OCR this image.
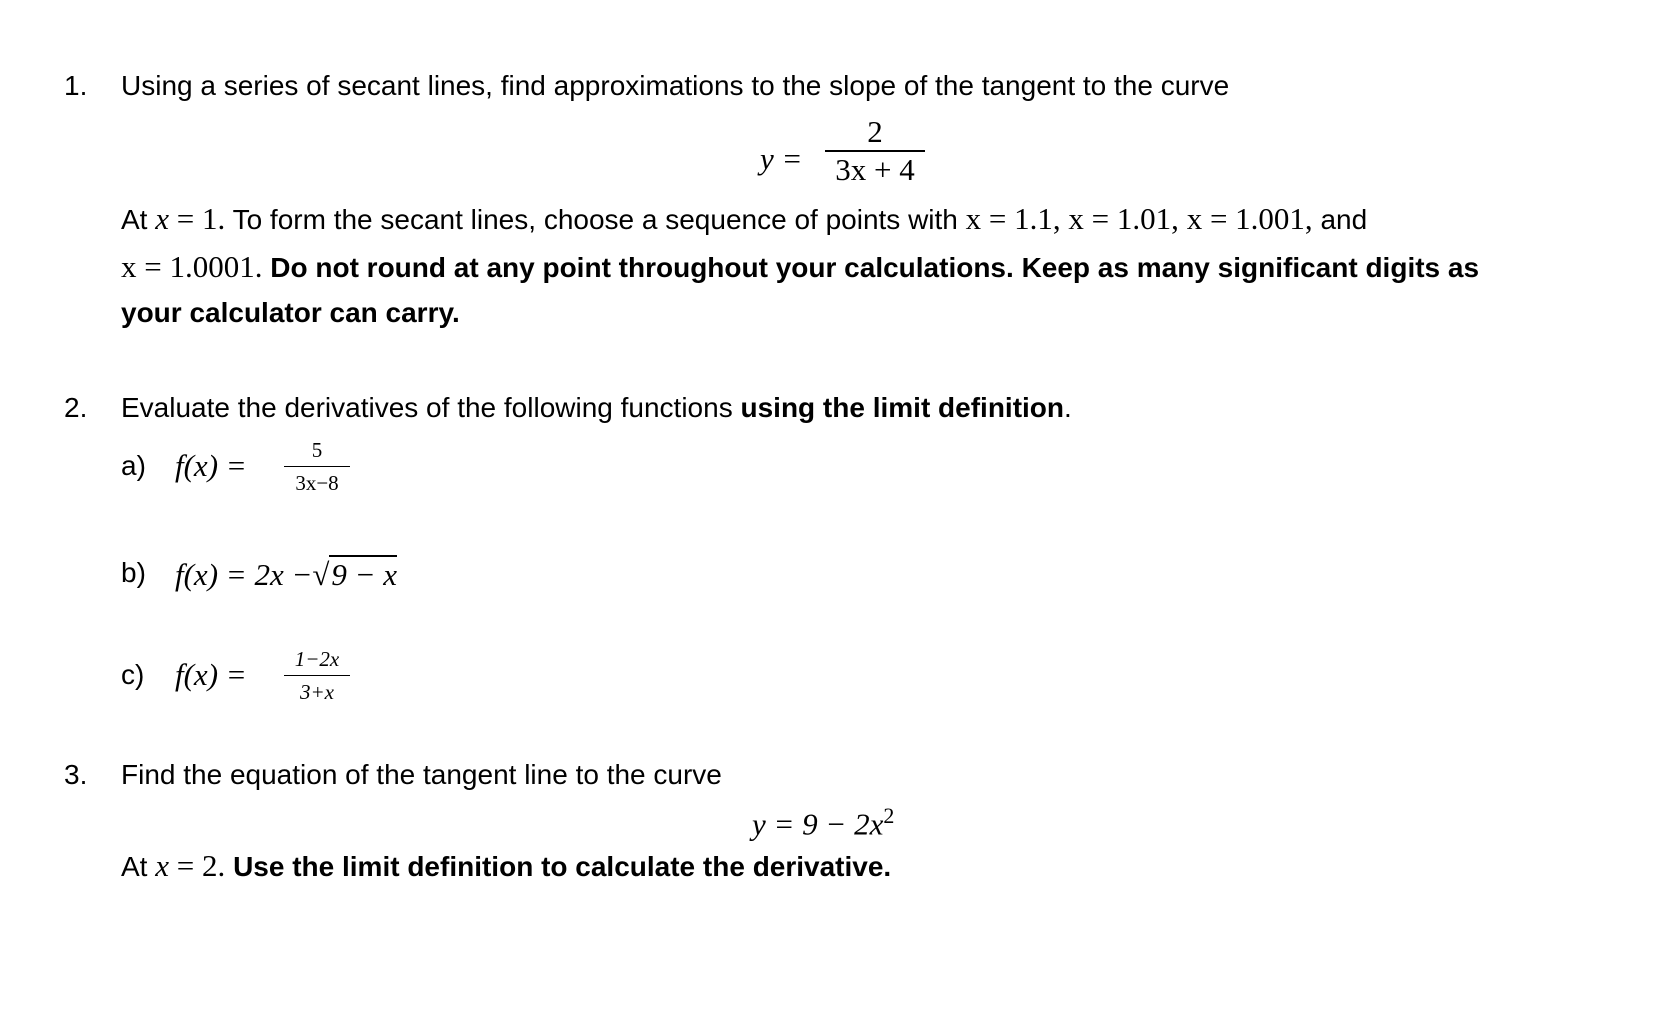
1. Using a series of secant lines, find approximations to the slope of the tangent to the curve
y =
2
3x + 4
At x = 1. To form the secant lines, choose a sequence of points with x = 1.1, x = 1.01, x = 1.001, and
x = 1.0001. Do not round at any point throughout your calculations. Keep as many significant digits as
your calculator can carry.
2. Evaluate the derivatives of the following functions using the limit definition.
a) f(x) =	5
3x−8
b) f(x) = 2x −√9 − x
c) f(x) =	1−2x
3+x
3. Find the equation of the tangent line to the curve
$y = 9 - 2x^2$
At x = 2. Use the limit definition to calculate the derivative.
